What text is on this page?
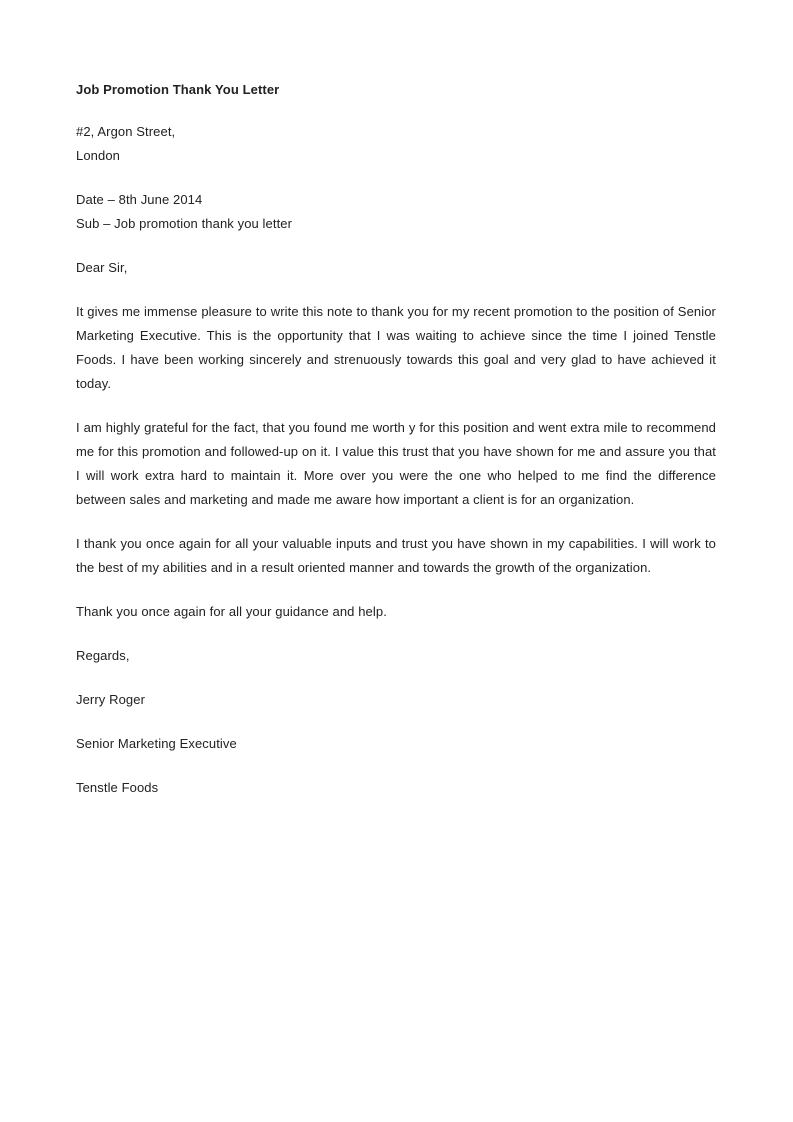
Job Promotion Thank You Letter

#2, Argon Street,

London

Date – 8th June 2014

Sub – Job promotion thank you letter

Dear Sir,

It gives me immense pleasure to write this note to thank you for my recent promotion to the position of Senior Marketing Executive. This is the opportunity that I was waiting to achieve since the time I joined Tenstle Foods. I have been working sincerely and strenuously towards this goal and very glad to have achieved it today.

I am highly grateful for the fact, that you found me worth y for this position and went extra mile to recommend me for this promotion and followed-up on it. I value this trust that you have shown for me and assure you that I will work extra hard to maintain it. More over you were the one who helped to me find the difference between sales and marketing and made me aware how important a client is for an organization.

I thank you once again for all your valuable inputs and trust you have shown in my capabilities. I will work to the best of my abilities and in a result oriented manner and towards the growth of the organization.

Thank you once again for all your guidance and help.

Regards,

Jerry Roger

Senior Marketing Executive

Tenstle Foods
